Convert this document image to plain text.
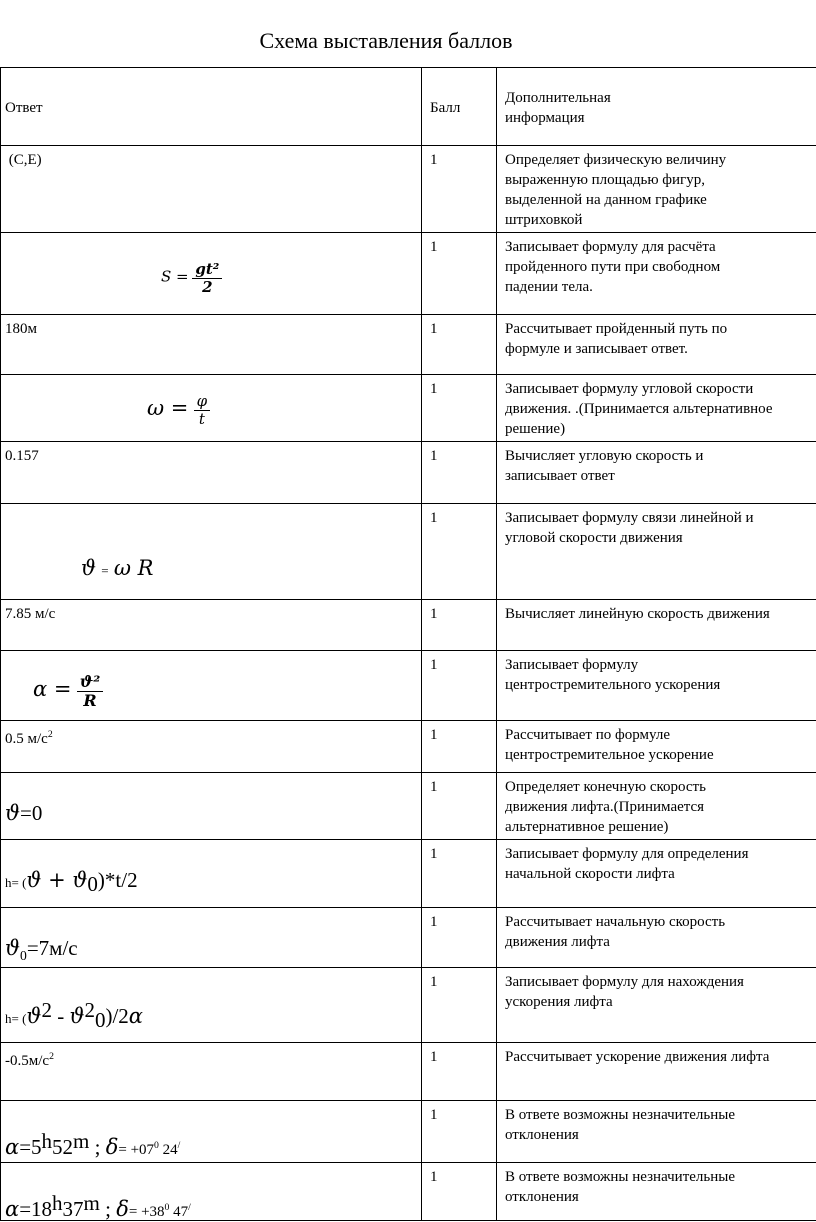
Схема выставления баллов
Ответ	Балл	Дополнительная
информация
(C,E)	1	Определяет физическую величину
выраженную площадью фигур,
выделенной на данном графике
штриховкой

$S = \frac{\text{gt²}}{2}$	1	Записывает формулу для расчёта
пройденного пути при свободном
падении тела.
180м	1	Рассчитывает пройденный путь по
формуле и записывает ответ.

$\omega = \frac{\varphi}{t}$	1	Записывает формулу угловой скорости
движения. .(Принимается альтернативное
решение)
0.157	1	Вычисляет угловую скорость и
записывает ответ

ϑ = ω R	1	Записывает формулу связи линейной и
угловой скорости движения
7.85 м/с	1	Вычисляет линейную скорость движения

$\alpha = \frac{\text{ϑ²}}{R}$	1	Записывает формулу
центростремительного ускорения
0.5 $м/с^2$	1	Рассчитывает по формуле
центростремительное ускорение

ϑ=0	1	Определяет конечную скорость
движения лифта.(Принимается
альтернативное решение)

$h= (ϑ + ϑ_0)*t/2$	1	Записывает формулу для определения
начальной скорости лифта

$ϑ_0=7м/с$	1	Рассчитывает начальную скорость
движения лифта

$h= (ϑ^2 - ϑ^2_0)/2\alpha$	1	Записывает формулу для нахождения
ускорения лифта
$-0.5м/с^2$	1	Рассчитывает ускорение движения лифта

$\alpha=5^h52^m$ ; $\delta= +07^0$ 24/	1	В ответе возможны незначительные
отклонения

$\alpha=18^h37^m$ ; $\delta= +38^0$ 47/	1	В ответе возможны незначительные
отклонения
